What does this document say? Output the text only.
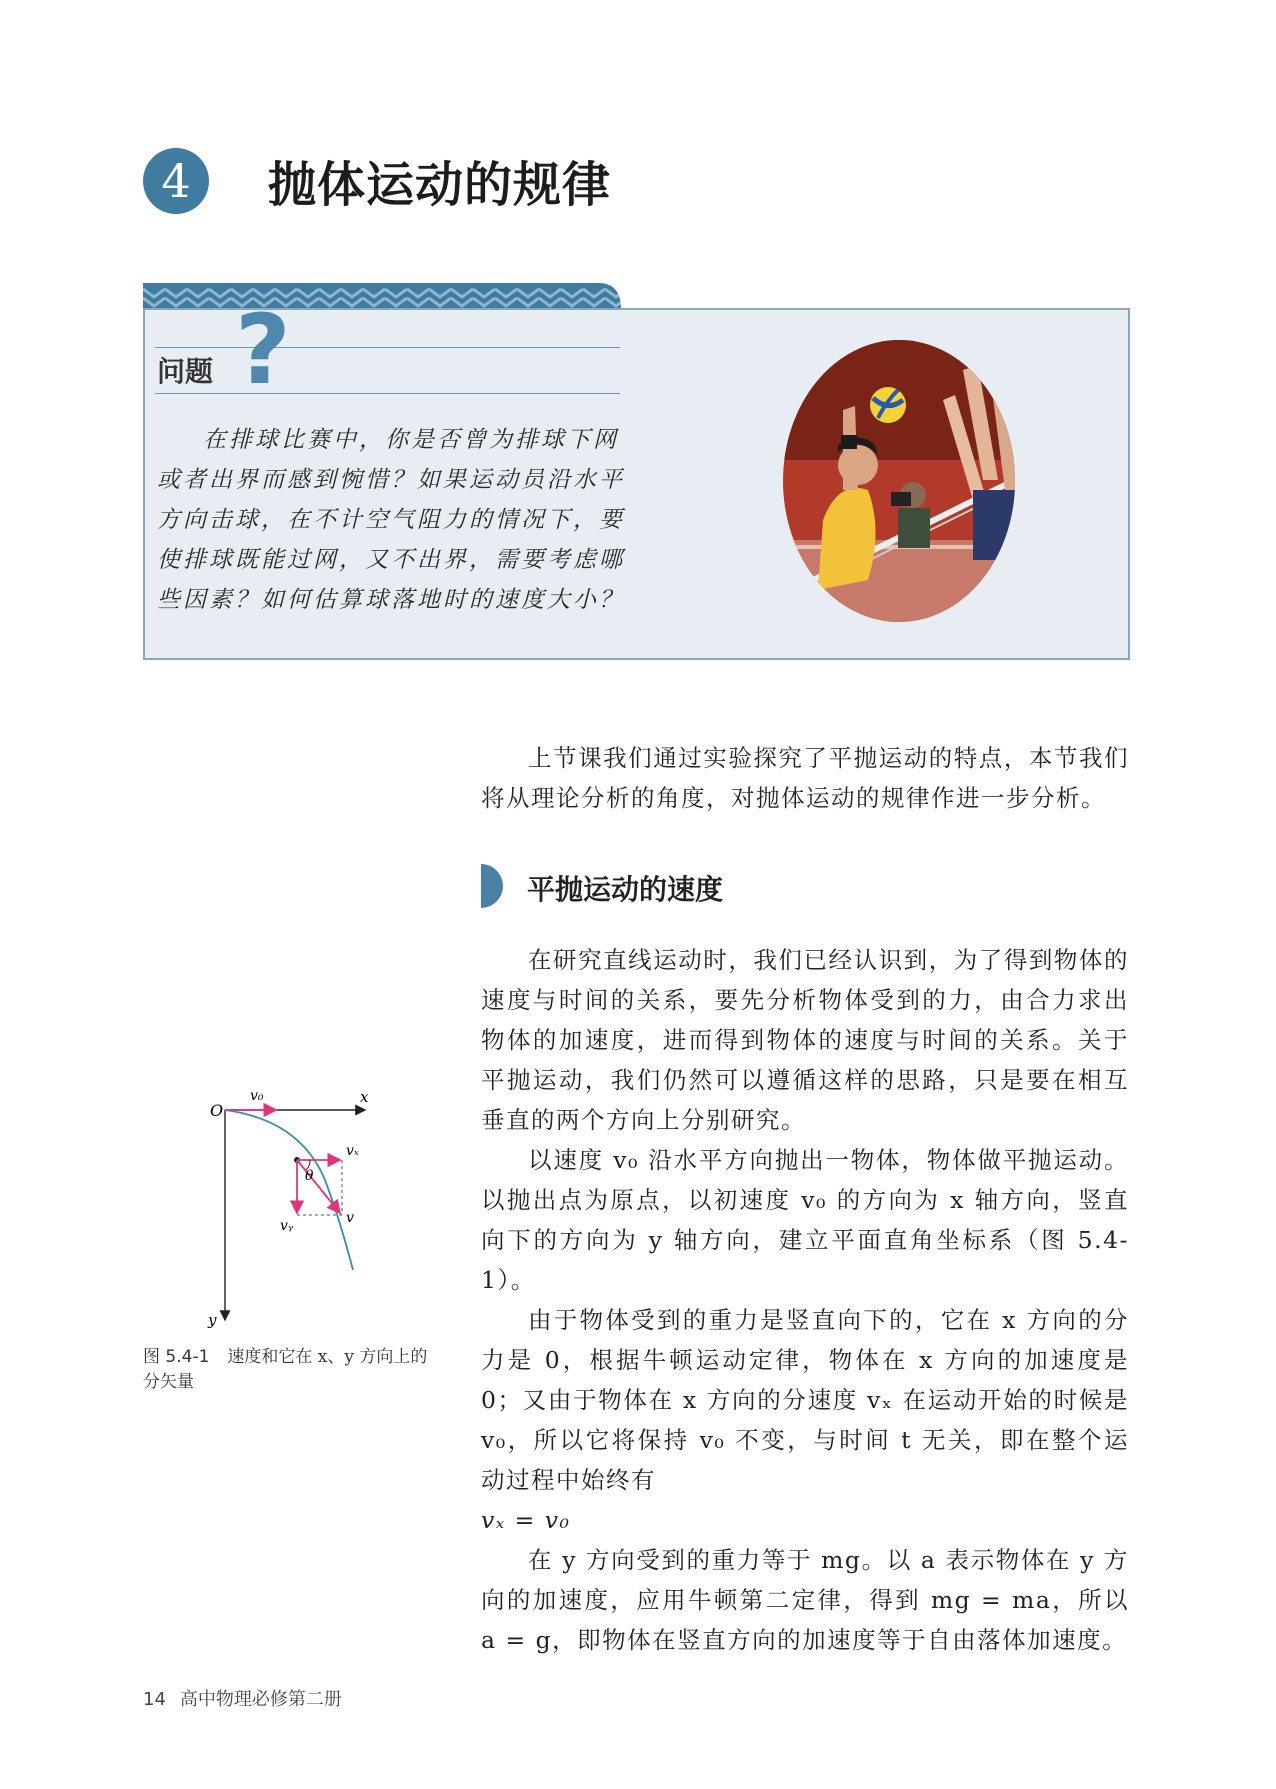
4	抛体运动的规律
问题 ?

在排球比赛中，你是否曾为排球下网或者出界而感到惋惜？如果运动员沿水平方向击球，在不计空气阻力的情况下，要使排球既能过网，又不出界，需要考虑哪些因素？如何估算球落地时的速度大小？

上节课我们通过实验探究了平抛运动的特点，本节我们将从理论分析的角度，对抛体运动的规律作进一步分析。

平抛运动的速度

在研究直线运动时，我们已经认识到，为了得到物体的速度与时间的关系，要先分析物体受到的力，由合力求出物体的加速度，进而得到物体的速度与时间的关系。关于平抛运动，我们仍然可以遵循这样的思路，只是要在相互垂直的两个方向上分别研究。

以速度 v₀ 沿水平方向抛出一物体，物体做平抛运动。以抛出点为原点，以初速度 v₀ 的方向为 x 轴方向，竖直向下的方向为 y 轴方向，建立平面直角坐标系（图 5.4-1）。

由于物体受到的重力是竖直向下的，它在 x 方向的分力是 0，根据牛顿运动定律，物体在 x 方向的加速度是 0；又由于物体在 x 方向的分速度 vₓ 在运动开始的时候是 v₀，所以它将保持 v₀ 不变，与时间 t 无关，即在整个运动过程中始终有

vₓ = v₀

在 y 方向受到的重力等于 mg。以 a 表示物体在 y 方向的加速度，应用牛顿第二定律，得到 mg = ma，所以 a = g，即物体在竖直方向的加速度等于自由落体加速度。

O
x
y
v₀
vₓ
vᵧ	v
θ
图 5.4-1 速度和它在 x、y 方向上的分矢量
14 高中物理必修第二册
